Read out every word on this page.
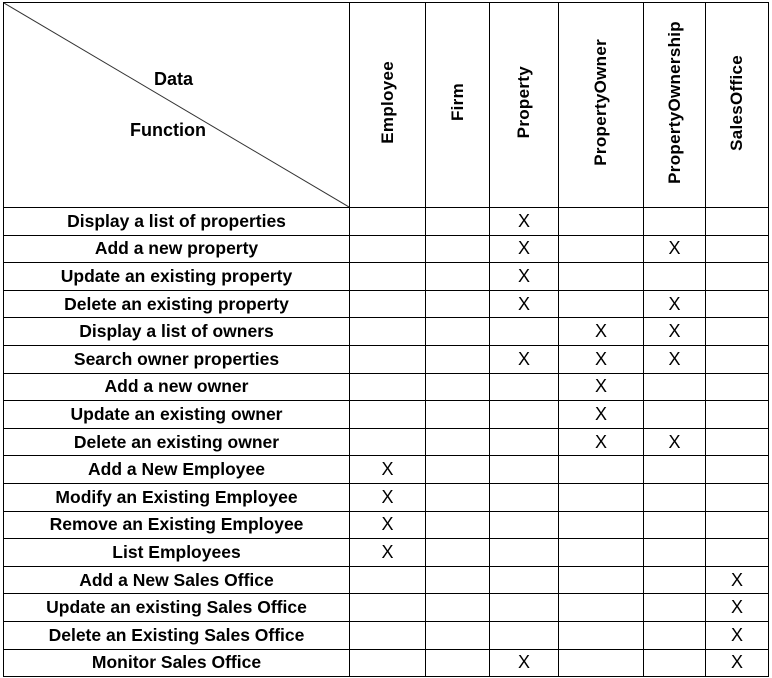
Data
Function	Employee	Firm	Property	PropertyOwner	PropertyOwnership	SalesOffice
Display a list of properties			X			
Add a new property			X		X	
Update an existing property			X			
Delete an existing property			X		X	
Display a list of owners				X	X	
Search owner properties			X	X	X	
Add a new owner				X		
Update an existing owner				X		
Delete an existing owner				X	X	
Add a New Employee	X					
Modify an Existing Employee	X					
Remove an Existing Employee	X					
List Employees	X					
Add a New Sales Office						X
Update an existing Sales Office						X
Delete an Existing Sales Office						X
Monitor Sales Office			X			X
